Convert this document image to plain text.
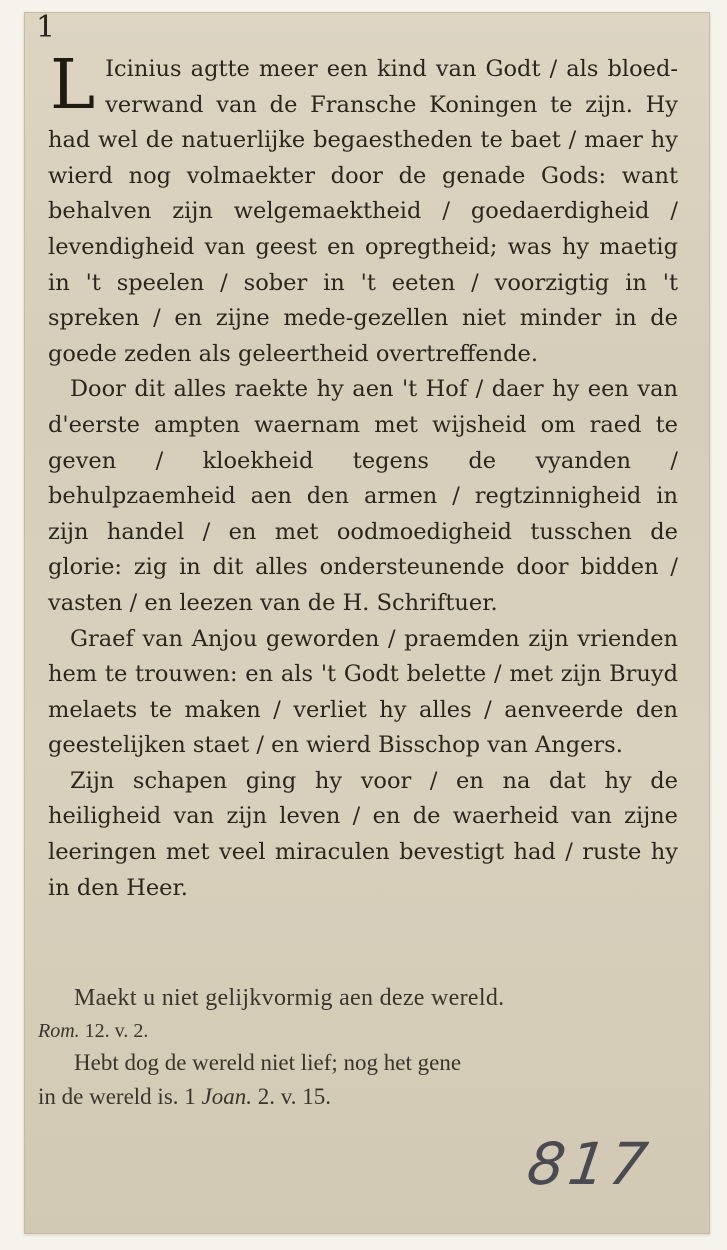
1

L Icinius agtte meer een kind van Godt / als bloed-verwand van de Fransche Koningen te zijn. Hy had wel de natuerlijke begaestheden te baet / maer hy wierd nog volmaekter door de genade Gods: want behalven zijn welgemaektheid / goedaerdigheid / levendigheid van geest en opregtheid; was hy maetig in 't speelen / sober in 't eeten / voorzigtig in 't spreken / en zijne mede-gezellen niet minder in de goede zeden als geleertheid overtreffende.

Door dit alles raekte hy aen 't Hof / daer hy een van d'eerste ampten waernam met wijsheid om raed te geven / kloekheid tegens de vyanden / behulpzaemheid aen den armen / regtzinnigheid in zijn handel / en met oodmoedigheid tusschen de glorie: zig in dit alles ondersteunende door bidden / vasten / en leezen van de H. Schriftuer.

Graef van Anjou geworden / praemden zijn vrienden hem te trouwen: en als 't Godt belette / met zijn Bruyd melaets te maken / verliet hy alles / aenveerde den geestelijken staet / en wierd Bisschop van Angers.

Zijn schapen ging hy voor / en na dat hy de heiligheid van zijn leven / en de waerheid van zijne leeringen met veel miraculen bevestigt had / ruste hy in den Heer.

Maekt u niet gelijkvormig aen deze wereld.
Rom. 12. v. 2.
Hebt dog de wereld niet lief; nog het gene
in de wereld is. 1 Joan. 2. v. 15.
817
